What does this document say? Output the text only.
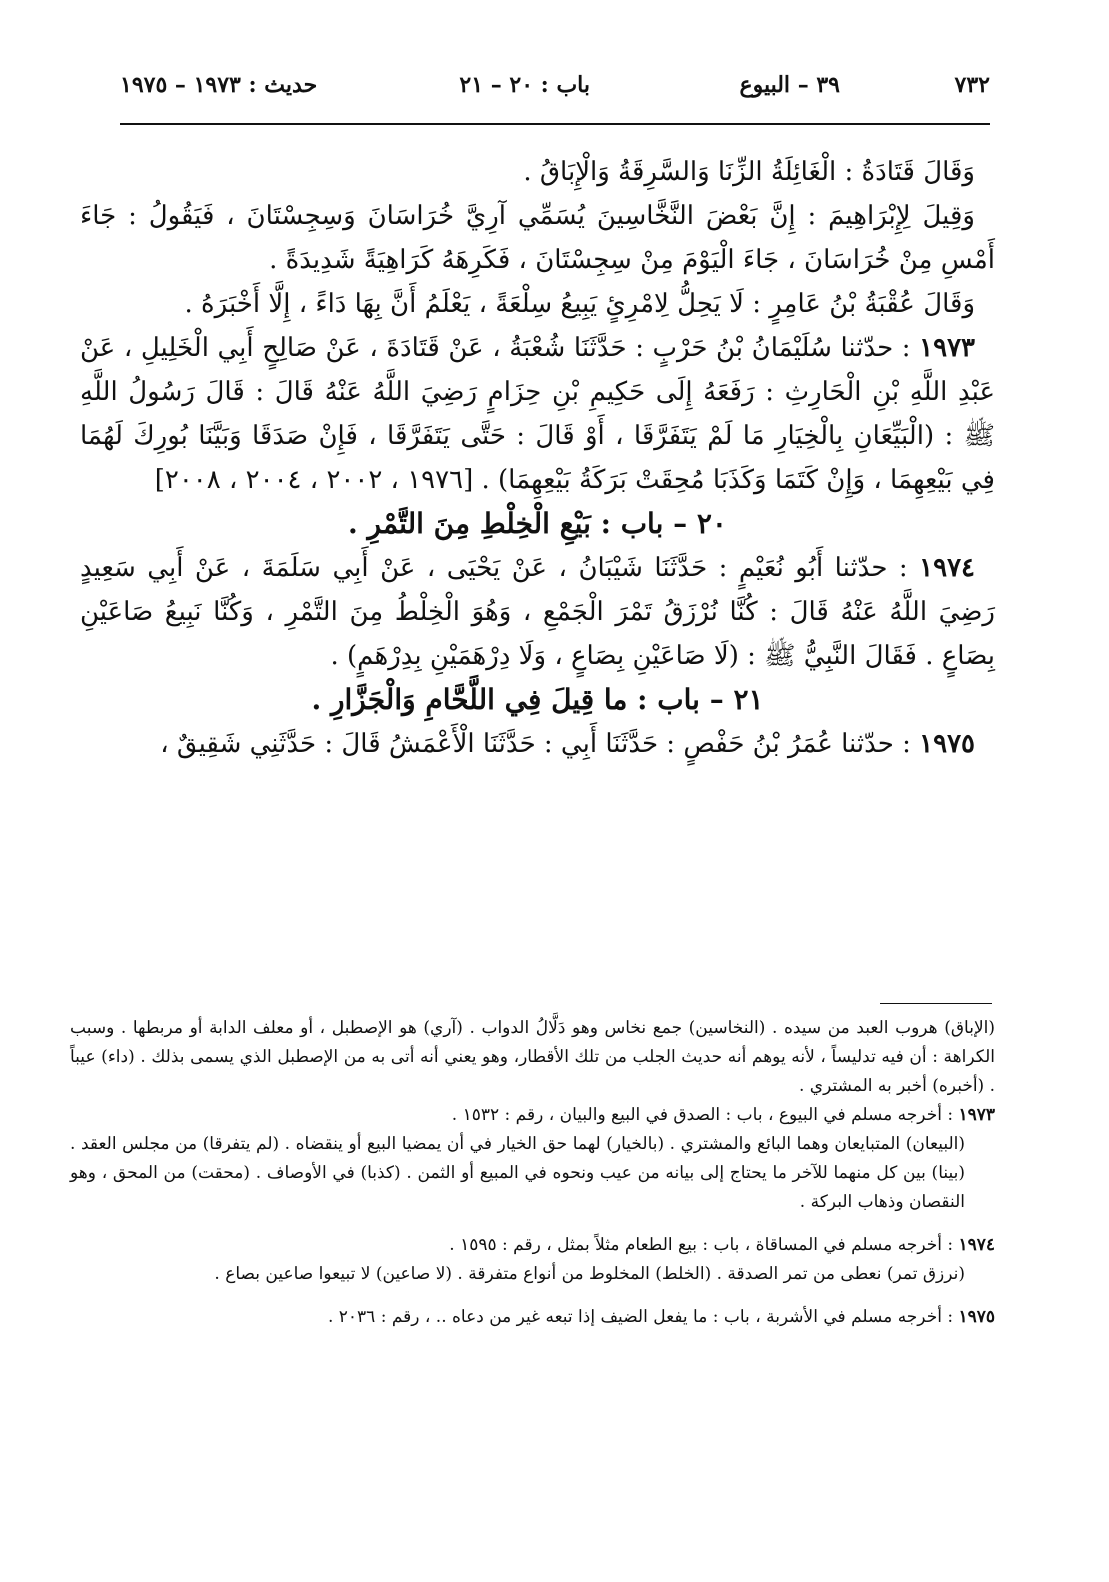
٧٣٢
٣٩ – البيوع
باب : ٢٠ – ٢١
حديث : ١٩٧٣ – ١٩٧٥

وَقَالَ قَتَادَةُ : الْغَائِلَةُ الزِّنَا وَالسَّرِقَةُ وَالْإِبَاقُ .

وَقِيلَ لِإِبْرَاهِيمَ : إِنَّ بَعْضَ النَّخَّاسِينَ يُسَمِّي آرِيَّ خُرَاسَانَ وَسِجِسْتَانَ ، فَيَقُولُ : جَاءَ أَمْسِ مِنْ خُرَاسَانَ ، جَاءَ الْيَوْمَ مِنْ سِجِسْتَانَ ، فَكَرِهَهُ كَرَاهِيَةً شَدِيدَةً .

وَقَالَ عُقْبَةُ بْنُ عَامِرٍ : لَا يَحِلُّ لِامْرِئٍ يَبِيعُ سِلْعَةً ، يَعْلَمُ أَنَّ بِهَا دَاءً ، إِلَّا أَخْبَرَهُ .

١٩٧٣ : حدّثنا سُلَيْمَانُ بْنُ حَرْبٍ : حَدَّثَنَا شُعْبَةُ ، عَنْ قَتَادَةَ ، عَنْ صَالِحٍ أَبِي الْخَلِيلِ ، عَنْ عَبْدِ اللَّهِ بْنِ الْحَارِثِ : رَفَعَهُ إِلَى حَكِيمِ بْنِ حِزَامٍ رَضِيَ اللَّهُ عَنْهُ قَالَ : قَالَ رَسُولُ اللَّهِ ﷺ : (الْبَيِّعَانِ بِالْخِيَارِ مَا لَمْ يَتَفَرَّقَا ، أَوْ قَالَ : حَتَّى يَتَفَرَّقَا ، فَإِنْ صَدَقَا وَبَيَّنَا بُورِكَ لَهُمَا فِي بَيْعِهِمَا ، وَإِنْ كَتَمَا وَكَذَبَا مُحِقَتْ بَرَكَةُ بَيْعِهِمَا) . [١٩٧٦ ، ٢٠٠٢ ، ٢٠٠٤ ، ٢٠٠٨]

٢٠ – باب : بَيْعِ الْخِلْطِ مِنَ التَّمْرِ .

١٩٧٤ : حدّثنا أَبُو نُعَيْمٍ : حَدَّثَنَا شَيْبَانُ ، عَنْ يَحْيَى ، عَنْ أَبِي سَلَمَةَ ، عَنْ أَبِي سَعِيدٍ رَضِيَ اللَّهُ عَنْهُ قَالَ : كُنَّا نُرْزَقُ تَمْرَ الْجَمْعِ ، وَهُوَ الْخِلْطُ مِنَ التَّمْرِ ، وَكُنَّا نَبِيعُ صَاعَيْنِ بِصَاعٍ . فَقَالَ النَّبِيُّ ﷺ : (لَا صَاعَيْنِ بِصَاعٍ ، وَلَا دِرْهَمَيْنِ بِدِرْهَمٍ) .

٢١ – باب : ما قِيلَ فِي اللَّحَّامِ وَالْجَزَّارِ .

١٩٧٥ : حدّثنا عُمَرُ بْنُ حَفْصٍ : حَدَّثَنَا أَبِي : حَدَّثَنَا الْأَعْمَشُ قَالَ : حَدَّثَنِي شَقِيقٌ ،

(الإباق) هروب العبد من سيده . (النخاسين) جمع نخاس وهو دَلَّالُ الدواب . (آري) هو الإصطبل ، أو معلف الدابة أو مربطها . وسبب الكراهة : أن فيه تدليساً ، لأنه يوهم أنه حديث الجلب من تلك الأقطار، وهو يعني أنه أتى به من الإصطبل الذي يسمى بذلك . (داء) عيباً . (أخبره) أخبر به المشتري .

١٩٧٣ : أخرجه مسلم في البيوع ، باب : الصدق في البيع والبيان ، رقم : ١٥٣٢ .

(البيعان) المتبايعان وهما البائع والمشتري . (بالخيار) لهما حق الخيار في أن يمضيا البيع أو ينقضاه . (لم يتفرقا) من مجلس العقد . (بينا) بين كل منهما للآخر ما يحتاج إلى بيانه من عيب ونحوه في المبيع أو الثمن . (كذبا) في الأوصاف . (محقت) من المحق ، وهو النقصان وذهاب البركة .

١٩٧٤ : أخرجه مسلم في المساقاة ، باب : بيع الطعام مثلاً بمثل ، رقم : ١٥٩٥ .

(نرزق تمر) نعطى من تمر الصدقة . (الخلط) المخلوط من أنواع متفرقة . (لا صاعين) لا تبيعوا صاعين بصاع .

١٩٧٥ : أخرجه مسلم في الأشربة ، باب : ما يفعل الضيف إذا تبعه غير من دعاه .. ، رقم : ٢٠٣٦ .
